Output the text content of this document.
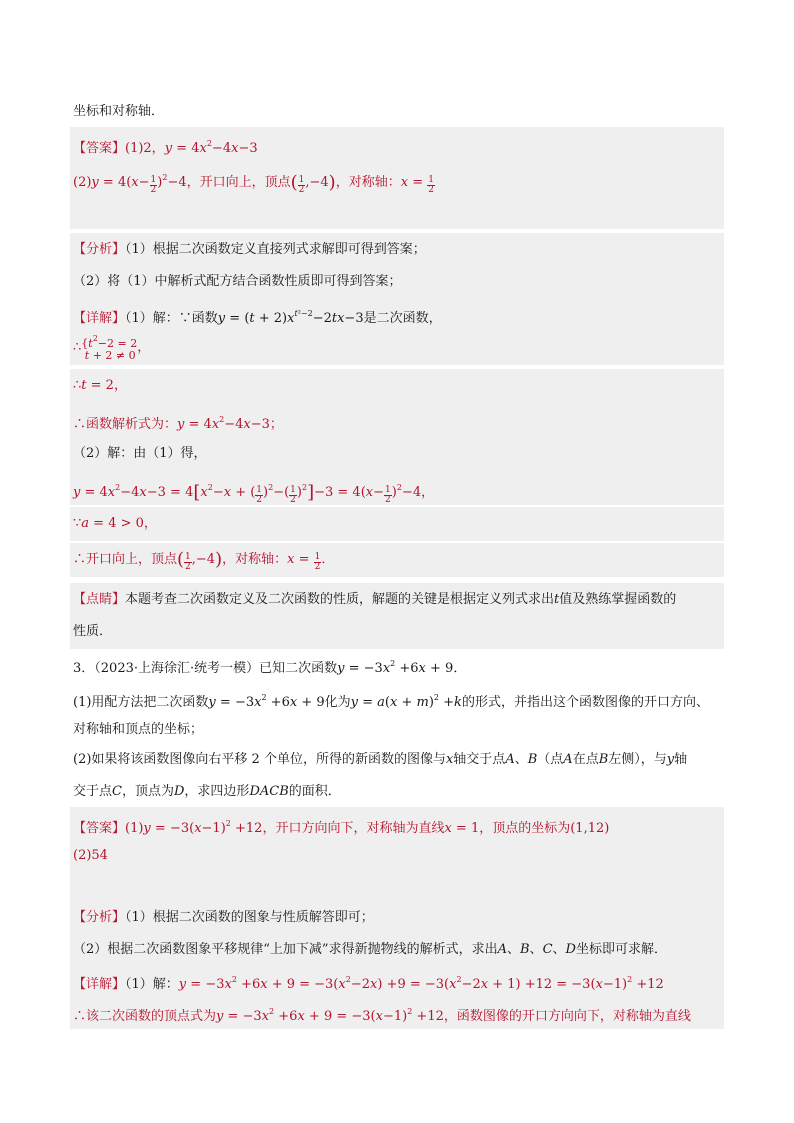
坐标和对称轴．
【答案】(1)2，$y = 4x^2-4x-3$
$(2)y = 4(x- \frac{1}{2} )^2-4$，开口向上，顶点( $\frac{1}{2} ,-4$)，对称轴：$x = \frac{1}{2}$
【分析】（1）根据二次函数定义直接列式求解即可得到答案；
（2）将（1）中解析式配方结合函数性质即可得到答案；
【详解】（1）解：∵函数$y = (t + 2)x^{t^2-2}-2tx-3$是二次函数，
$\therefore\{t^2-2 = 2$
t + 2 ≠ 0，
∴t = 2，
∴函数解析式为：$y = 4x^2-4x-3$；
（2）解：由（1）得，
$y = 4x^2-4x-3 = 4[x^2-x$ + ( $\frac{1}{2} )^2-( \frac{1}{2} )^2]-3 = 4(x- \frac{1}{2} )^2-4$，
∵a = 4 > 0，
∴开口向上，顶点( $\frac{1}{2} ,-4$)，对称轴：$x = \frac{1}{2}$ ．
【点睛】本题考查二次函数定义及二次函数的性质，解题的关键是根据定义列式求出t值及熟练掌握函数的
性质．
3．（2023·上海徐汇·统考一模）已知二次函数$y = -3x^2 +6x + 9$．
(1)用配方法把二次函数$y = -3x^2 +6x + 9$化为$y = a(x + m)^2 +k$的形式，并指出这个函数图像的开口方向、
对称轴和顶点的坐标；
(2)如果将该函数图像向右平移 2 个单位，所得的新函数的图像与x轴交于点A、B（点A在点B左侧），与y轴
交于点C，顶点为D，求四边形DACB的面积．
【答案】$(1)y = -3(x-1)^2 +12$，开口方向向下，对称轴为直线x = 1，顶点的坐标为(1,12)
(2)54
【分析】（1）根据二次函数的图象与性质解答即可；
（2）根据二次函数图象平移规律“上加下减”求得新抛物线的解析式，求出A、B、C、D坐标即可求解．
【详解】（1）解：$y = -3x^2 +6x + 9 = -3(x^2-2x) +9 = -3(x^2-2x + 1) +12 = -3(x-1)^2 +12$
∴该二次函数的顶点式为$y = -3x^2 +6x + 9 = -3(x-1)^2 +12$，函数图像的开口方向向下，对称轴为直线
